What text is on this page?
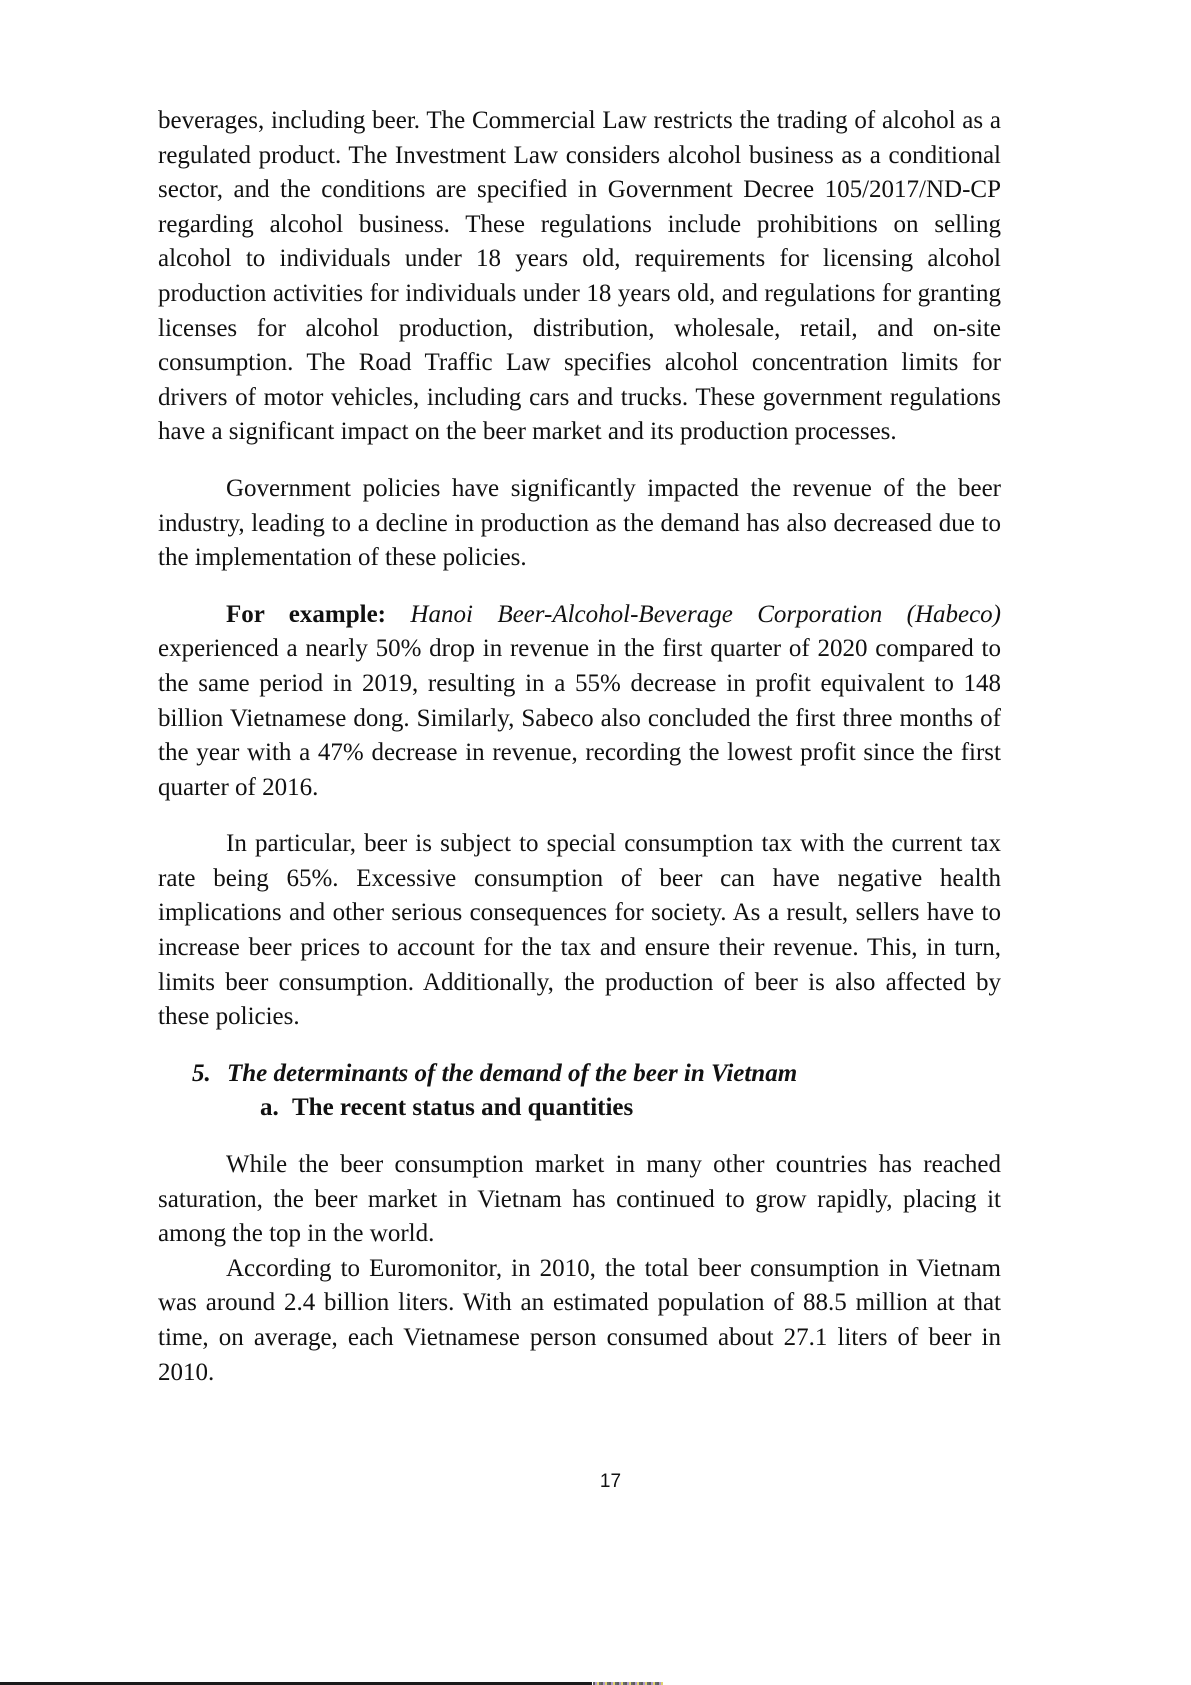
beverages, including beer. The Commercial Law restricts the trading of alcohol as a regulated product. The Investment Law considers alcohol business as a conditional sector, and the conditions are specified in Government Decree 105/2017/ND-CP regarding alcohol business. These regulations include prohibitions on selling alcohol to individuals under 18 years old, requirements for licensing alcohol production activities for individuals under 18 years old, and regulations for granting licenses for alcohol production, distribution, wholesale, retail, and on-site consumption. The Road Traffic Law specifies alcohol concentration limits for drivers of motor vehicles, including cars and trucks. These government regulations have a significant impact on the beer market and its production processes.

Government policies have significantly impacted the revenue of the beer industry, leading to a decline in production as the demand has also decreased due to the implementation of these policies.

For example: Hanoi Beer-Alcohol-Beverage Corporation (Habeco) experienced a nearly 50% drop in revenue in the first quarter of 2020 compared to the same period in 2019, resulting in a 55% decrease in profit equivalent to 148 billion Vietnamese dong. Similarly, Sabeco also concluded the first three months of the year with a 47% decrease in revenue, recording the lowest profit since the first quarter of 2016.

In particular, beer is subject to special consumption tax with the current tax rate being 65%. Excessive consumption of beer can have negative health implications and other serious consequences for society. As a result, sellers have to increase beer prices to account for the tax and ensure their revenue. This, in turn, limits beer consumption. Additionally, the production of beer is also affected by these policies.

5. The determinants of the demand of the beer in Vietnam
a. The recent status and quantities

While the beer consumption market in many other countries has reached saturation, the beer market in Vietnam has continued to grow rapidly, placing it among the top in the world.

According to Euromonitor, in 2010, the total beer consumption in Vietnam was around 2.4 billion liters. With an estimated population of 88.5 million at that time, on average, each Vietnamese person consumed about 27.1 liters of beer in 2010.

17
